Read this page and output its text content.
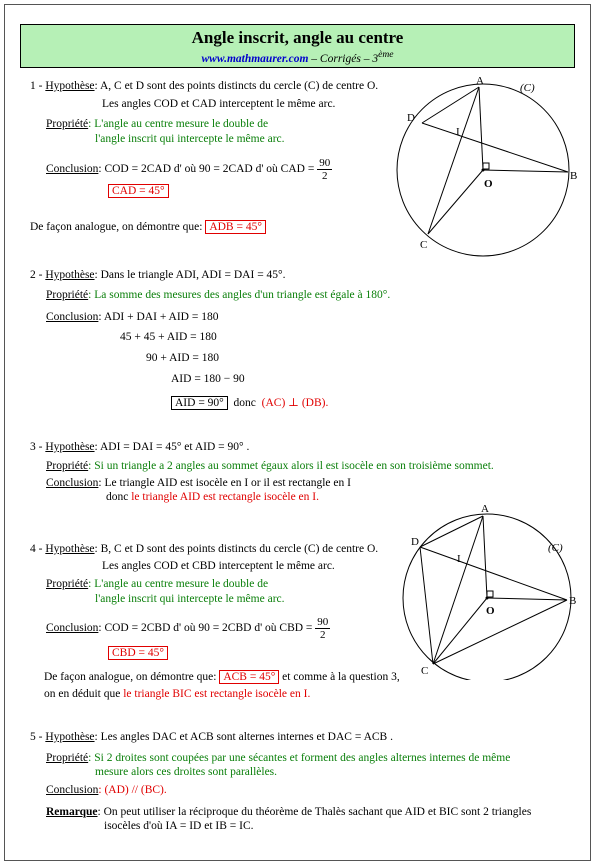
Angle inscrit, angle au centre
www.mathmaurer.com – Corrigés – 3ème
1 - Hypothèse: A, C et D sont des points distincts du cercle (C) de centre O.
Les angles COD et CAD interceptent le même arc.
Propriété: L'angle au centre mesure le double de
l'angle inscrit qui intercepte le même arc.
Conclusion: COD = 2CAD d' où 90 = 2CAD d' où CAD = $\frac{90}{2}$
CAD = 45°
De façon analogue, on démontre que: ADB = 45°
2 - Hypothèse: Dans le triangle ADI, ADI = DAI = 45°.
Propriété: La somme des mesures des angles d'un triangle est égale à 180°.
Conclusion: ADI + DAI + AID = 180
45 + 45 + AID = 180
90 + AID = 180
AID = 180 − 90
AID = 90° donc (AC) ⊥ (DB).
3 - Hypothèse: ADI = DAI = 45° et AID = 90° .
Propriété: Si un triangle a 2 angles au sommet égaux alors il est isocèle en son troisième sommet.
Conclusion: Le triangle AID est isocèle en I or il est rectangle en I
donc le triangle AID est rectangle isocèle en I.
4 - Hypothèse: B, C et D sont des points distincts du cercle (C) de centre O.
Les angles COD et CBD interceptent le même arc.
Propriété: L'angle au centre mesure le double de
l'angle inscrit qui intercepte le même arc.
Conclusion: COD = 2CBD d' où 90 = 2CBD d' où CBD = $\frac{90}{2}$
CBD = 45°
De façon analogue, on démontre que: ACB = 45° et comme à la question 3,
on en déduit que le triangle BIC est rectangle isocèle en I.
5 - Hypothèse: Les angles DAC et ACB sont alternes internes et DAC = ACB .
Propriété: Si 2 droites sont coupées par une sécantes et forment des angles alternes internes de même
mesure alors ces droites sont parallèles.
Conclusion: (AD) // (BC).
Remarque: On peut utiliser la réciproque du théorème de Thalès sachant que AID et BIC sont 2 triangles
isocèles d'où IA = ID et IB = IC.
A
B
C
D
I
O
(C)
A
B
C
D
I
O
(C)
